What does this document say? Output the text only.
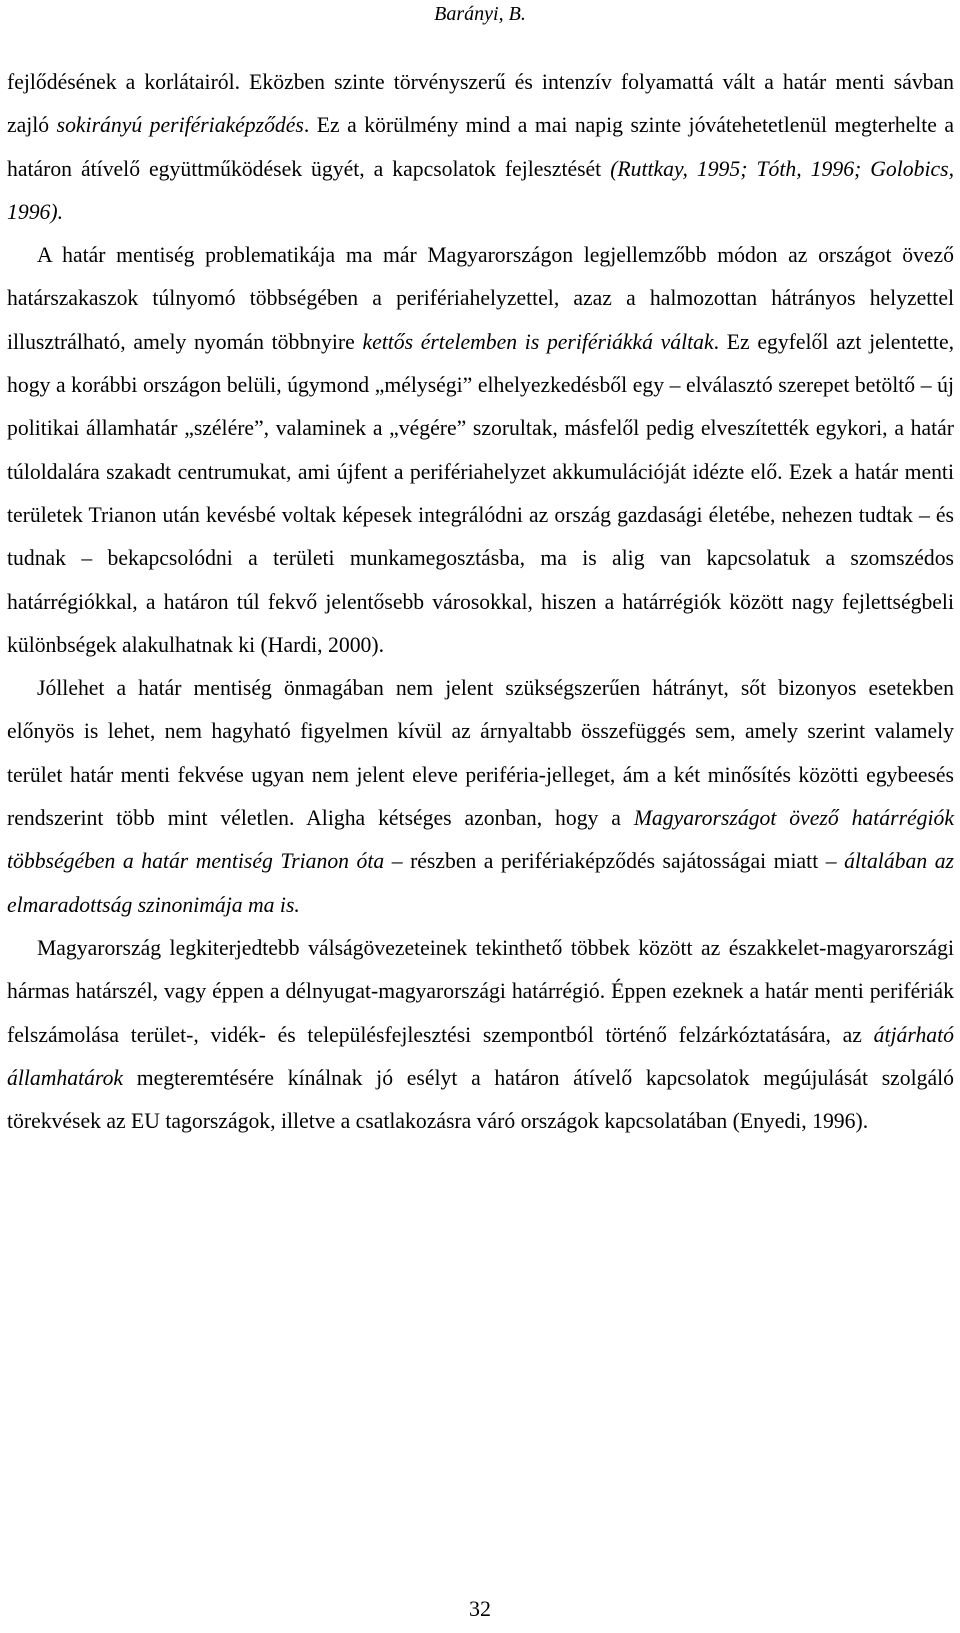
Barányi, B.

fejlődésének a korlátairól. Eközben szinte törvényszerű és intenzív folyamattá vált a határ menti sávban zajló sokirányú perifériaképződés. Ez a körülmény mind a mai napig szinte jóvátehetetlenül megterhelte a határon átívelő együttműködések ügyét, a kapcsolatok fejlesztését (Ruttkay, 1995; Tóth, 1996; Golobics, 1996).

A határ mentiség problematikája ma már Magyarországon legjellemzőbb módon az országot övező határszakaszok túlnyomó többségében a perifériahelyzettel, azaz a halmozottan hátrányos helyzettel illusztrálható, amely nyomán többnyire kettős értelemben is perifériákká váltak. Ez egyfelől azt jelentette, hogy a korábbi országon belüli, úgymond „mélységi” elhelyezkedésből egy – elválasztó szerepet betöltő – új politikai államhatár „szélére”, valaminek a „végére” szorultak, másfelől pedig elveszítették egykori, a határ túloldalára szakadt centrumukat, ami újfent a perifériahelyzet akkumulációját idézte elő. Ezek a határ menti területek Trianon után kevésbé voltak képesek integrálódni az ország gazdasági életébe, nehezen tudtak – és tudnak – bekapcsolódni a területi munkamegosztásba, ma is alig van kapcsolatuk a szomszédos határrégiókkal, a határon túl fekvő jelentősebb városokkal, hiszen a határrégiók között nagy fejlettségbeli különbségek alakulhatnak ki (Hardi, 2000).

Jóllehet a határ mentiség önmagában nem jelent szükségszerűen hátrányt, sőt bizonyos esetekben előnyös is lehet, nem hagyható figyelmen kívül az árnyaltabb összefüggés sem, amely szerint valamely terület határ menti fekvése ugyan nem jelent eleve periféria-jelleget, ám a két minősítés közötti egybeesés rendszerint több mint véletlen. Aligha kétséges azonban, hogy a Magyarországot övező határrégiók többségében a határ mentiség Trianon óta – részben a perifériaképződés sajátosságai miatt – általában az elmaradottság szinonimája ma is.

Magyarország legkiterjedtebb válságövezeteinek tekinthető többek között az északkelet-magyarországi hármas határszél, vagy éppen a délnyugat-magyarországi határrégió. Éppen ezeknek a határ menti perifériák felszámolása terület-, vidék- és településfejlesztési szempontból történő felzárkóztatására, az átjárható államhatárok megteremtésére kínálnak jó esélyt a határon átívelő kapcsolatok megújulását szolgáló törekvések az EU tagországok, illetve a csatlakozásra váró országok kapcsolatában (Enyedi, 1996).

32
